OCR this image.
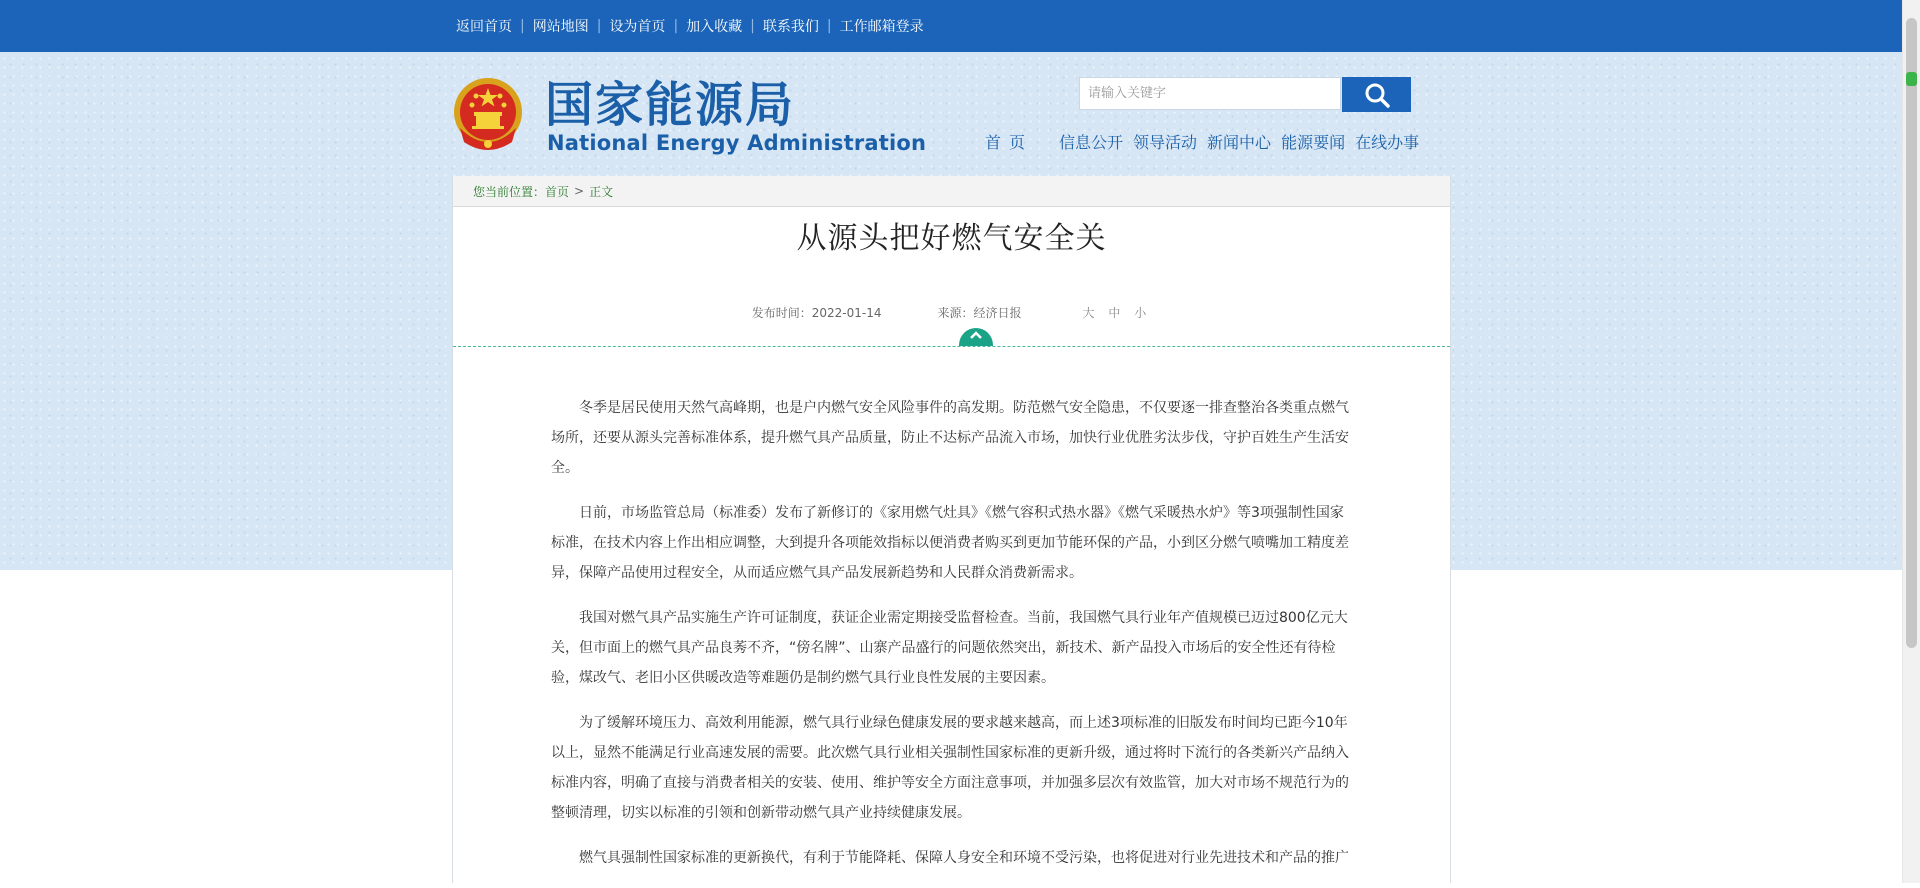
返回首页 | 网站地图 | 设为首页 | 加入收藏 | 联系我们 | 工作邮箱登录
国家能源局
National Energy Administration
请输入关键字	首页 信息公开 领导活动 新闻中心 能源要闻 在线办事
您当前位置： 首页 > 正文
从源头把好燃气安全关
发布时间：2022-01-14	来源：经济日报	大 中 小

冬季是居民使用天然气高峰期，也是户内燃气安全风险事件的高发期。防范燃气安全隐患，不仅要逐一排查整治各类重点燃气场所，还要从源头完善标准体系，提升燃气具产品质量，防止不达标产品流入市场，加快行业优胜劣汰步伐，守护百姓生产生活安全。

日前，市场监管总局（标准委）发布了新修订的《家用燃气灶具》《燃气容积式热水器》《燃气采暖热水炉》等3项强制性国家标准，在技术内容上作出相应调整，大到提升各项能效指标以便消费者购买到更加节能环保的产品，小到区分燃气喷嘴加工精度差异，保障产品使用过程安全，从而适应燃气具产品发展新趋势和人民群众消费新需求。

我国对燃气具产品实施生产许可证制度，获证企业需定期接受监督检查。当前，我国燃气具行业年产值规模已迈过800亿元大关，但市面上的燃气具产品良莠不齐，“傍名牌”、山寨产品盛行的问题依然突出，新技术、新产品投入市场后的安全性还有待检验，煤改气、老旧小区供暖改造等难题仍是制约燃气具行业良性发展的主要因素。

为了缓解环境压力、高效利用能源，燃气具行业绿色健康发展的要求越来越高，而上述3项标准的旧版发布时间均已距今10年以上，显然不能满足行业高速发展的需要。此次燃气具行业相关强制性国家标准的更新升级，通过将时下流行的各类新兴产品纳入标准内容，明确了直接与消费者相关的安装、使用、维护等安全方面注意事项，并加强多层次有效监管，加大对市场不规范行为的整顿清理，切实以标准的引领和创新带动燃气具产业持续健康发展。

燃气具强制性国家标准的更新换代，有利于节能降耗、保障人身安全和环境不受污染，也将促进对行业先进技术和产品的推广
